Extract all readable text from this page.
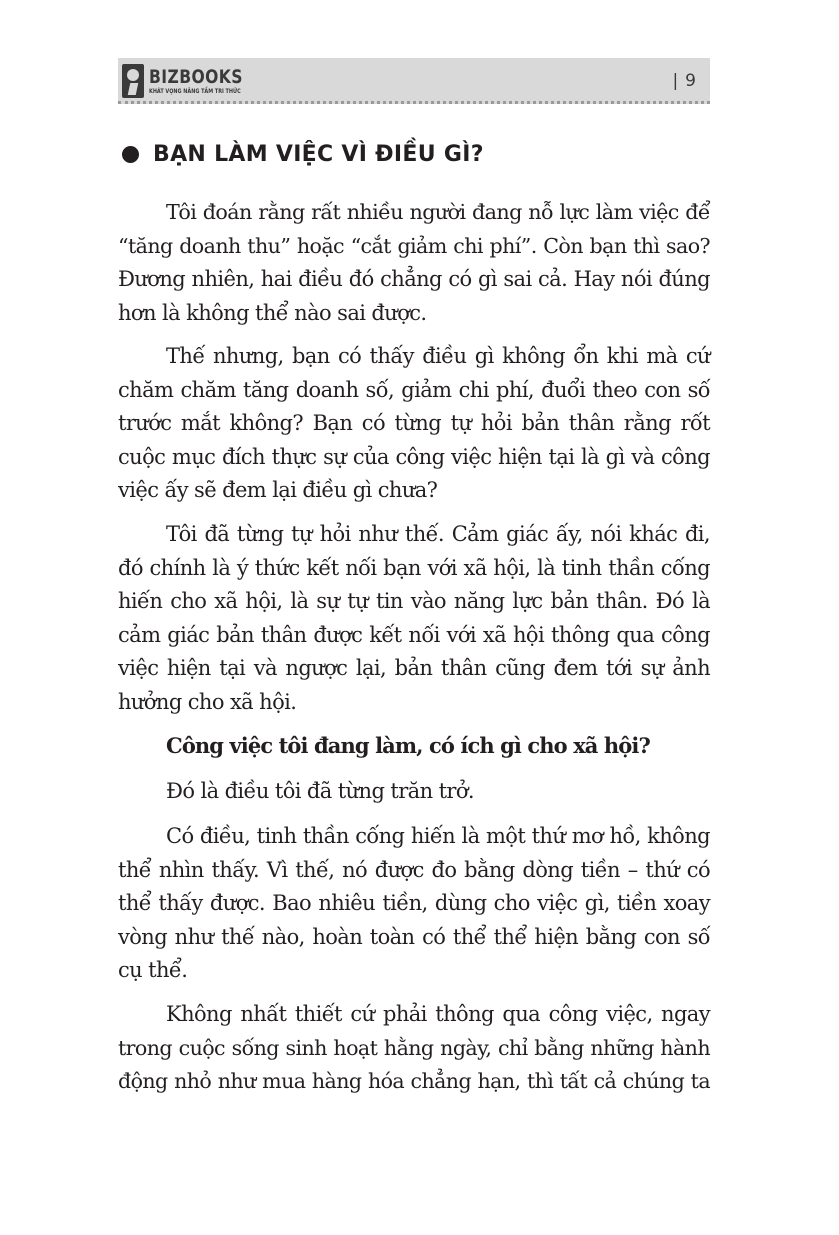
BIZBOOKS
KHÁT VỌNG NÂNG TẦM TRI THỨC	| 9
BẠN LÀM VIỆC VÌ ĐIỀU GÌ?
Tôi đoán rằng rất nhiều người đang nỗ lực làm việc để
“tăng doanh thu” hoặc “cắt giảm chi phí”. Còn bạn thì sao?
Đương nhiên, hai điều đó chẳng có gì sai cả. Hay nói đúng
hơn là không thể nào sai được.
Thế nhưng, bạn có thấy điều gì không ổn khi mà cứ
chăm chăm tăng doanh số, giảm chi phí, đuổi theo con số
trước mắt không? Bạn có từng tự hỏi bản thân rằng rốt
cuộc mục đích thực sự của công việc hiện tại là gì và công
việc ấy sẽ đem lại điều gì chưa?
Tôi đã từng tự hỏi như thế. Cảm giác ấy, nói khác đi,
đó chính là ý thức kết nối bạn với xã hội, là tinh thần cống
hiến cho xã hội, là sự tự tin vào năng lực bản thân. Đó là
cảm giác bản thân được kết nối với xã hội thông qua công
việc hiện tại và ngược lại, bản thân cũng đem tới sự ảnh
hưởng cho xã hội.
Công việc tôi đang làm, có ích gì cho xã hội?
Đó là điều tôi đã từng trăn trở.
Có điều, tinh thần cống hiến là một thứ mơ hồ, không
thể nhìn thấy. Vì thế, nó được đo bằng dòng tiền – thứ có
thể thấy được. Bao nhiêu tiền, dùng cho việc gì, tiền xoay
vòng như thế nào, hoàn toàn có thể thể hiện bằng con số
cụ thể.
Không nhất thiết cứ phải thông qua công việc, ngay
trong cuộc sống sinh hoạt hằng ngày, chỉ bằng những hành
động nhỏ như mua hàng hóa chẳng hạn, thì tất cả chúng ta
